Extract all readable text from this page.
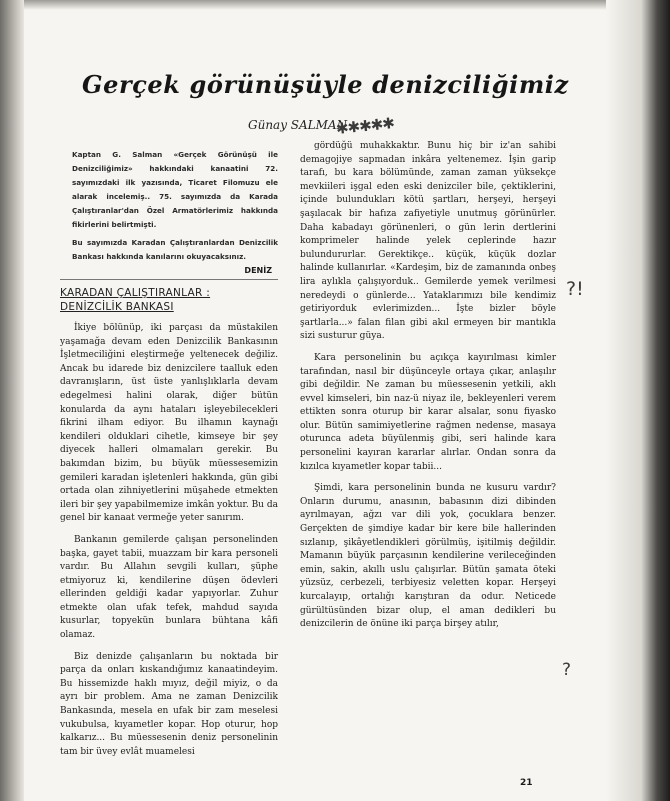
Gerçek görünüşüyle denizciliğimiz
Günay SALMAN
✱✱✱✱✱

Kaptan G. Salman «Gerçek Görünüşü ile Denizciliğimiz» hakkındaki kanaatini 72. sayımızdaki ilk yazısında, Ticaret Filomuzu ele alarak incelemiş.. 75. sayımızda da Karada Çalıştıranlar'dan Özel Armatörlerimiz hakkında fikirlerini belirtmişti.

Bu sayımızda Karadan Çalıştıranlardan Denizcilik Bankası hakkında kanılarını okuyacaksınız.

DENİZ
KARADAN ÇALIŞTIRANLAR :
DENİZCİLİK BANKASI

İkiye bölünüp, iki parçası da müstakilen yaşamağa devam eden Denizcilik Bankasının İşletmeciliğini eleştirmeğe yeltenecek değiliz. Ancak bu idarede biz denizcilere taalluk eden davranışların, üst üste yanlışlıklarla devam edegelmesi halini olarak, diğer bütün konularda da aynı hataları işleyebilecekleri fikrini ilham ediyor. Bu ilhamın kaynağı kendileri olduklari cihetle, kimseye bir şey diyecek halleri olmamaları gerekir. Bu bakımdan bizim, bu büyük müessesemizin gemileri karadan işletenleri hakkında, gün gibi ortada olan zihniyetlerini müşahede etmekten ileri bir şey yapabilmemize imkân yoktur. Bu da genel bir kanaat vermeğe yeter sanırım.

Bankanın gemilerde çalışan personelinden başka, gayet tabii, muazzam bir kara personeli vardır. Bu Allahın sevgili kulları, şüphe etmiyoruz ki, kendilerine düşen ödevleri ellerinden geldiği kadar yapıyorlar. Zuhur etmekte olan ufak tefek, mahdud sayıda kusurlar, topyekün bunlara bühtana kâfi olamaz.

Biz denizde çalışanların bu noktada bir parça da onları kıskandığımız kanaatindeyim. Bu hissemizde haklı mıyız, değil miyiz, o da ayrı bir problem. Ama ne zaman Denizcilik Bankasında, mesela en ufak bir zam meselesi vukubulsa, kıyametler kopar. Hop oturur, hop kalkarız... Bu müessesenin deniz personelinin tam bir üvey evlât muamelesi

gördüğü muhakkaktır. Bunu hiç bir iz'an sahibi demagojiye sapmadan inkâra yeltenemez. İşin garip tarafı, bu kara bölümünde, zaman zaman yüksekçe mevkiileri işgal eden eski denizciler bile, çektiklerini, içinde bulundukları kötü şartları, herşeyi, herşeyi şaşılacak bir hafıza zafiyetiyle unutmuş görünürler. Daha kabadayı görünenleri, o gün lerin dertlerini komprimeler halinde yelek ceplerinde hazır bulundururlar. Gerektikçe.. küçük, küçük dozlar halinde kullanırlar. «Kardeşim, biz de zamanında onbeş lira aylıkla çalışıyorduk.. Gemilerde yemek verilmesi neredeydi o günlerde... Yataklarımızı bile kendimiz getiriyorduk evlerimizden... İşte bizler böyle şartlarla...» falan filan gibi akıl ermeyen bir mantıkla sizi susturur güya.

Kara personelinin bu açıkça kayırılması kimler tarafından, nasıl bir düşünceyle ortaya çıkar, anlaşılır gibi değildir. Ne zaman bu müessesenin yetkili, aklı evvel kimseleri, bin naz-ü niyaz ile, bekleyenleri verem ettikten sonra oturup bir karar alsalar, sonu fiyasko olur. Bütün samimiyetlerine rağmen nedense, masaya oturunca adeta büyülenmiş gibi, seri halinde kara personelini kayıran kararlar alırlar. Ondan sonra da kızılca kıyametler kopar tabii...

Şimdi, kara personelinin bunda ne kusuru vardır? Onların durumu, anasının, babasının dizi dibinden ayrılmayan, ağzı var dili yok, çocuklara benzer. Gerçekten de şimdiye kadar bir kere bile hallerinden sızlanıp, şikâyetlendikleri görülmüş, işitilmiş değildir. Mamanın büyük parçasının kendilerine verileceğinden emin, sakin, akıllı uslu çalışırlar. Bütün şamata öteki yüzsüz, cerbezeli, terbiyesiz veletten kopar. Herşeyi kurcalayıp, ortalığı karıştıran da odur. Neticede gürültüsünden bizar olup, el aman dedikleri bu denizcilerin de önüne iki parça birşey atılır,

?!
?
21
